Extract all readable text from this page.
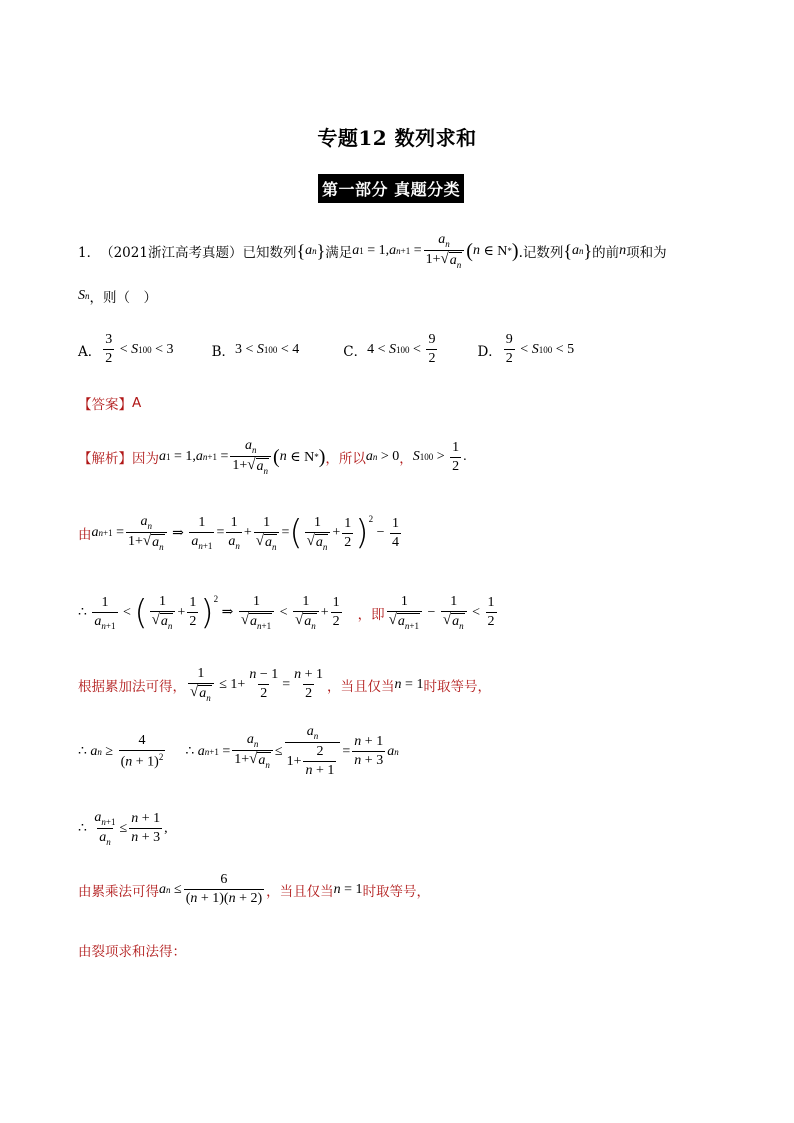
专题12 数列求和
第一部分 真题分类
1． （2021浙江高考真题）已知数列 { a n } 满足 a 1 = 1, a n+1 =
$a_n$
1+ √ $a_n$
( n ∈ N * ) .记数列 { a n } 的前 n 项和为
S n ，则（　）
A．
3
2
< S 100 < 3	B． 3 < S 100 < 4	C． 4 < S 100 <
9
2	D．
9
2
< S 100 < 5
【答案】 A
【解析】 因为 a 1 = 1, a n+1 =
$a_n$
1+ √ $a_n$
( n ∈ N * ) ，所以 a n > 0 ， S 100 >
1
2
.
由 a n+1 =
$a_n$
1+ √ $a_n$
⇒
1
$a_{n+1}$
=
1
$a_n$
+
1
√ $a_n$
= ( 1
√ $a_n$
+
1
2 )$^2$
−
1
4
∴
1
$a_{n+1}$
< ( 1
√ $a_n$
+
1
2 )$^2$
⇒
1
√ $a_{n+1}$
<
1
√ $a_n$
+
1
2 ，即
1
√ $a_{n+1}$
−
1
√ $a_n$
<
1
2
根据累加法可得，
1
√ $a_n$
≤ 1+
n − 1
2
=
n + 1
2 ，当且仅当 n = 1 时取等号，
∴ a n ≥
4
$(n + 1)^2$ ∴ a n+1 =
$a_n$
1+ √ $a_n$
≤
$a_n$
1+
2
n + 1
=
n + 1
n + 3
a n
∴
$a_{n+1}$
$a_n$
≤
n + 1
n + 3
,
由累乘法可得 a n ≤
6
(n + 1)(n + 2) ，当且仅当 n = 1 时取等号，
由裂项求和法得：
